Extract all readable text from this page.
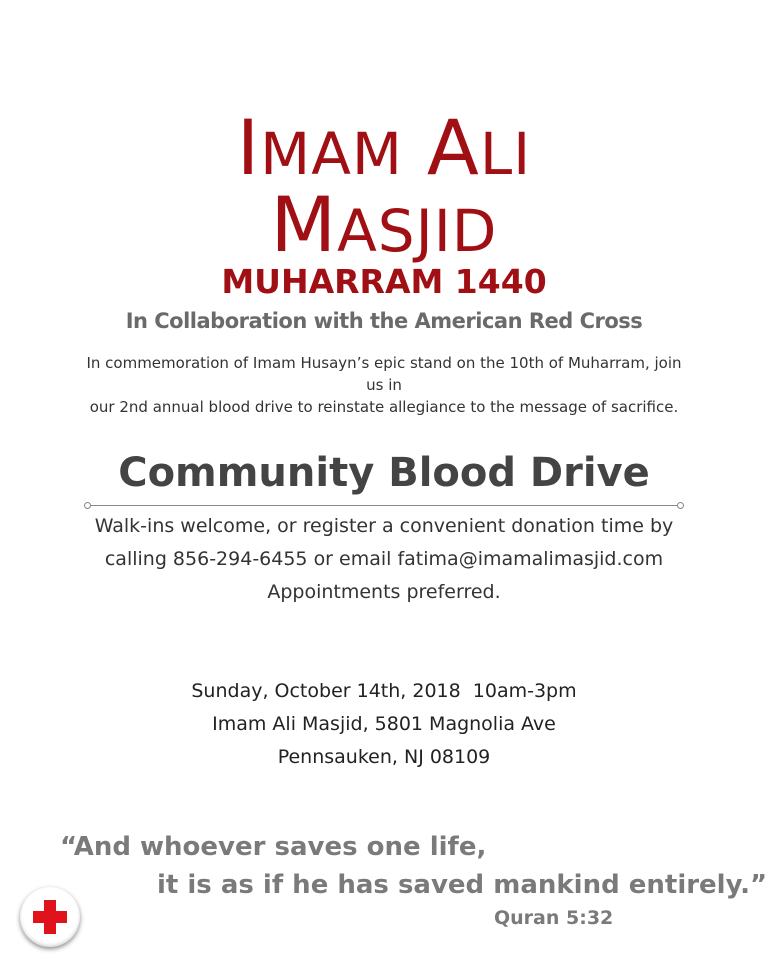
IMAM ALI
MASJID
MUHARRAM 1440
In Collaboration with the American Red Cross
In commemoration of Imam Husayn’s epic stand on the 10th of Muharram, join us in
our 2nd annual blood drive to reinstate allegiance to the message of sacrifice.
Community Blood Drive
Walk-ins welcome, or register a convenient donation time by
calling 856-294-6455 or email fatima@imamalimasjid.com
Appointments preferred.
Sunday, October 14th, 2018  10am-3pm
Imam Ali Masjid, 5801 Magnolia Ave
Pennsauken, NJ 08109
“And whoever saves one life,
it is as if he has saved mankind entirely.”
Quran 5:32
